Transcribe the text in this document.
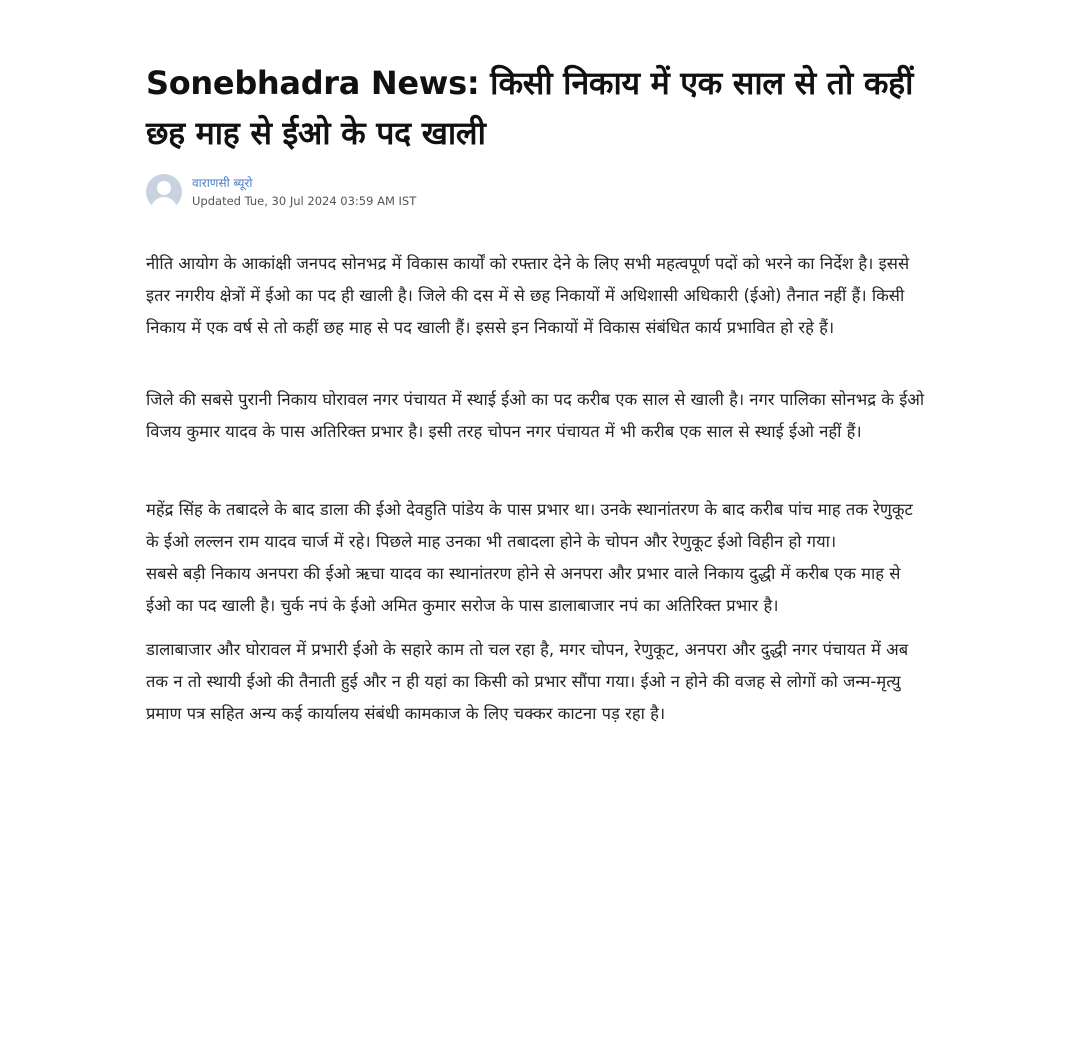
Sonebhadra News: किसी निकाय में एक साल से तो कहीं छह माह से ईओ के पद खाली
वाराणसी ब्यूरो
Updated Tue, 30 Jul 2024 03:59 AM IST

नीति आयोग के आकांक्षी जनपद सोनभद्र में विकास कार्यों को रफ्तार देने के लिए सभी महत्वपूर्ण पदों को भरने का निर्देश है। इससे इतर नगरीय क्षेत्रों में ईओ का पद ही खाली है। जिले की दस में से छह निकायों में अधिशासी अधिकारी (ईओ) तैनात नहीं हैं। किसी निकाय में एक वर्ष से तो कहीं छह माह से पद खाली हैं। इससे इन निकायों में विकास संबंधित कार्य प्रभावित हो रहे हैं।

जिले की सबसे पुरानी निकाय घोरावल नगर पंचायत में स्थाई ईओ का पद करीब एक साल से खाली है। नगर पालिका सोनभद्र के ईओ विजय कुमार यादव के पास अतिरिक्त प्रभार है। इसी तरह चोपन नगर पंचायत में भी करीब एक साल से स्थाई ईओ नहीं हैं।

महेंद्र सिंह के तबादले के बाद डाला की ईओ देवहुति पांडेय के पास प्रभार था। उनके स्थानांतरण के बाद करीब पांच माह तक रेणुकूट के ईओ लल्लन राम यादव चार्ज में रहे। पिछले माह उनका भी तबादला होने के चोपन और रेणुकूट ईओ विहीन हो गया।

सबसे बड़ी निकाय अनपरा की ईओ ऋचा यादव का स्थानांतरण होने से अनपरा और प्रभार वाले निकाय दुद्धी में करीब एक माह से ईओ का पद खाली है। चुर्क नपं के ईओ अमित कुमार सरोज के पास डालाबाजार नपं का अतिरिक्त प्रभार है।

डालाबाजार और घोरावल में प्रभारी ईओ के सहारे काम तो चल रहा है, मगर चोपन, रेणुकूट, अनपरा और दुद्धी नगर पंचायत में अब तक न तो स्थायी ईओ की तैनाती हुई और न ही यहां का किसी को प्रभार सौंपा गया। ईओ न होने की वजह से लोगों को जन्म-मृत्यु प्रमाण पत्र सहित अन्य कई कार्यालय संबंधी कामकाज के लिए चक्कर काटना पड़ रहा है।
